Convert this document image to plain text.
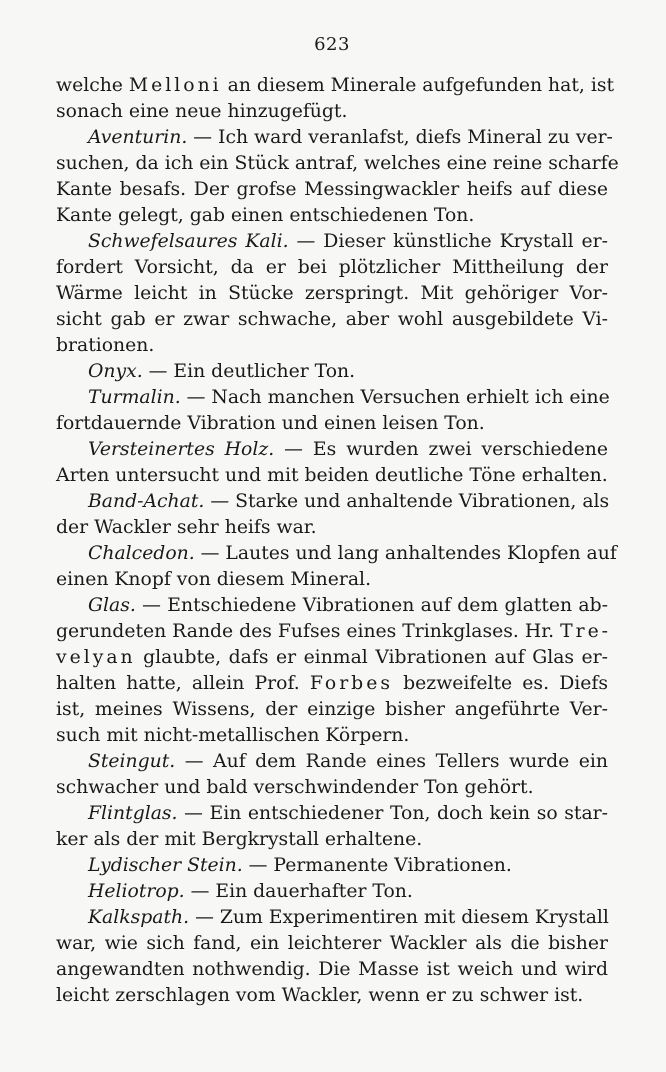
623
welche Melloni an diesem Minerale aufgefunden hat, ist
sonach eine neue hinzugefügt.
Aventurin. — Ich ward veranlafst, diefs Mineral zu ver-
suchen, da ich ein Stück antraf, welches eine reine scharfe
Kante besafs. Der grofse Messingwackler heifs auf diese
Kante gelegt, gab einen entschiedenen Ton.
Schwefelsaures Kali. — Dieser künstliche Krystall er-
fordert Vorsicht, da er bei plötzlicher Mittheilung der
Wärme leicht in Stücke zerspringt. Mit gehöriger Vor-
sicht gab er zwar schwache, aber wohl ausgebildete Vi-
brationen.
Onyx. — Ein deutlicher Ton.
Turmalin. — Nach manchen Versuchen erhielt ich eine
fortdauernde Vibration und einen leisen Ton.
Versteinertes Holz. — Es wurden zwei verschiedene
Arten untersucht und mit beiden deutliche Töne erhalten.
Band-Achat. — Starke und anhaltende Vibrationen, als
der Wackler sehr heifs war.
Chalcedon. — Lautes und lang anhaltendes Klopfen auf
einen Knopf von diesem Mineral.
Glas. — Entschiedene Vibrationen auf dem glatten ab-
gerundeten Rande des Fufses eines Trinkglases. Hr. Tre-
velyan glaubte, dafs er einmal Vibrationen auf Glas er-
halten hatte, allein Prof. Forbes bezweifelte es. Diefs
ist, meines Wissens, der einzige bisher angeführte Ver-
such mit nicht-metallischen Körpern.
Steingut. — Auf dem Rande eines Tellers wurde ein
schwacher und bald verschwindender Ton gehört.
Flintglas. — Ein entschiedener Ton, doch kein so star-
ker als der mit Bergkrystall erhaltene.
Lydischer Stein. — Permanente Vibrationen.
Heliotrop. — Ein dauerhafter Ton.
Kalkspath. — Zum Experimentiren mit diesem Krystall
war, wie sich fand, ein leichterer Wackler als die bisher
angewandten nothwendig. Die Masse ist weich und wird
leicht zerschlagen vom Wackler, wenn er zu schwer ist.
